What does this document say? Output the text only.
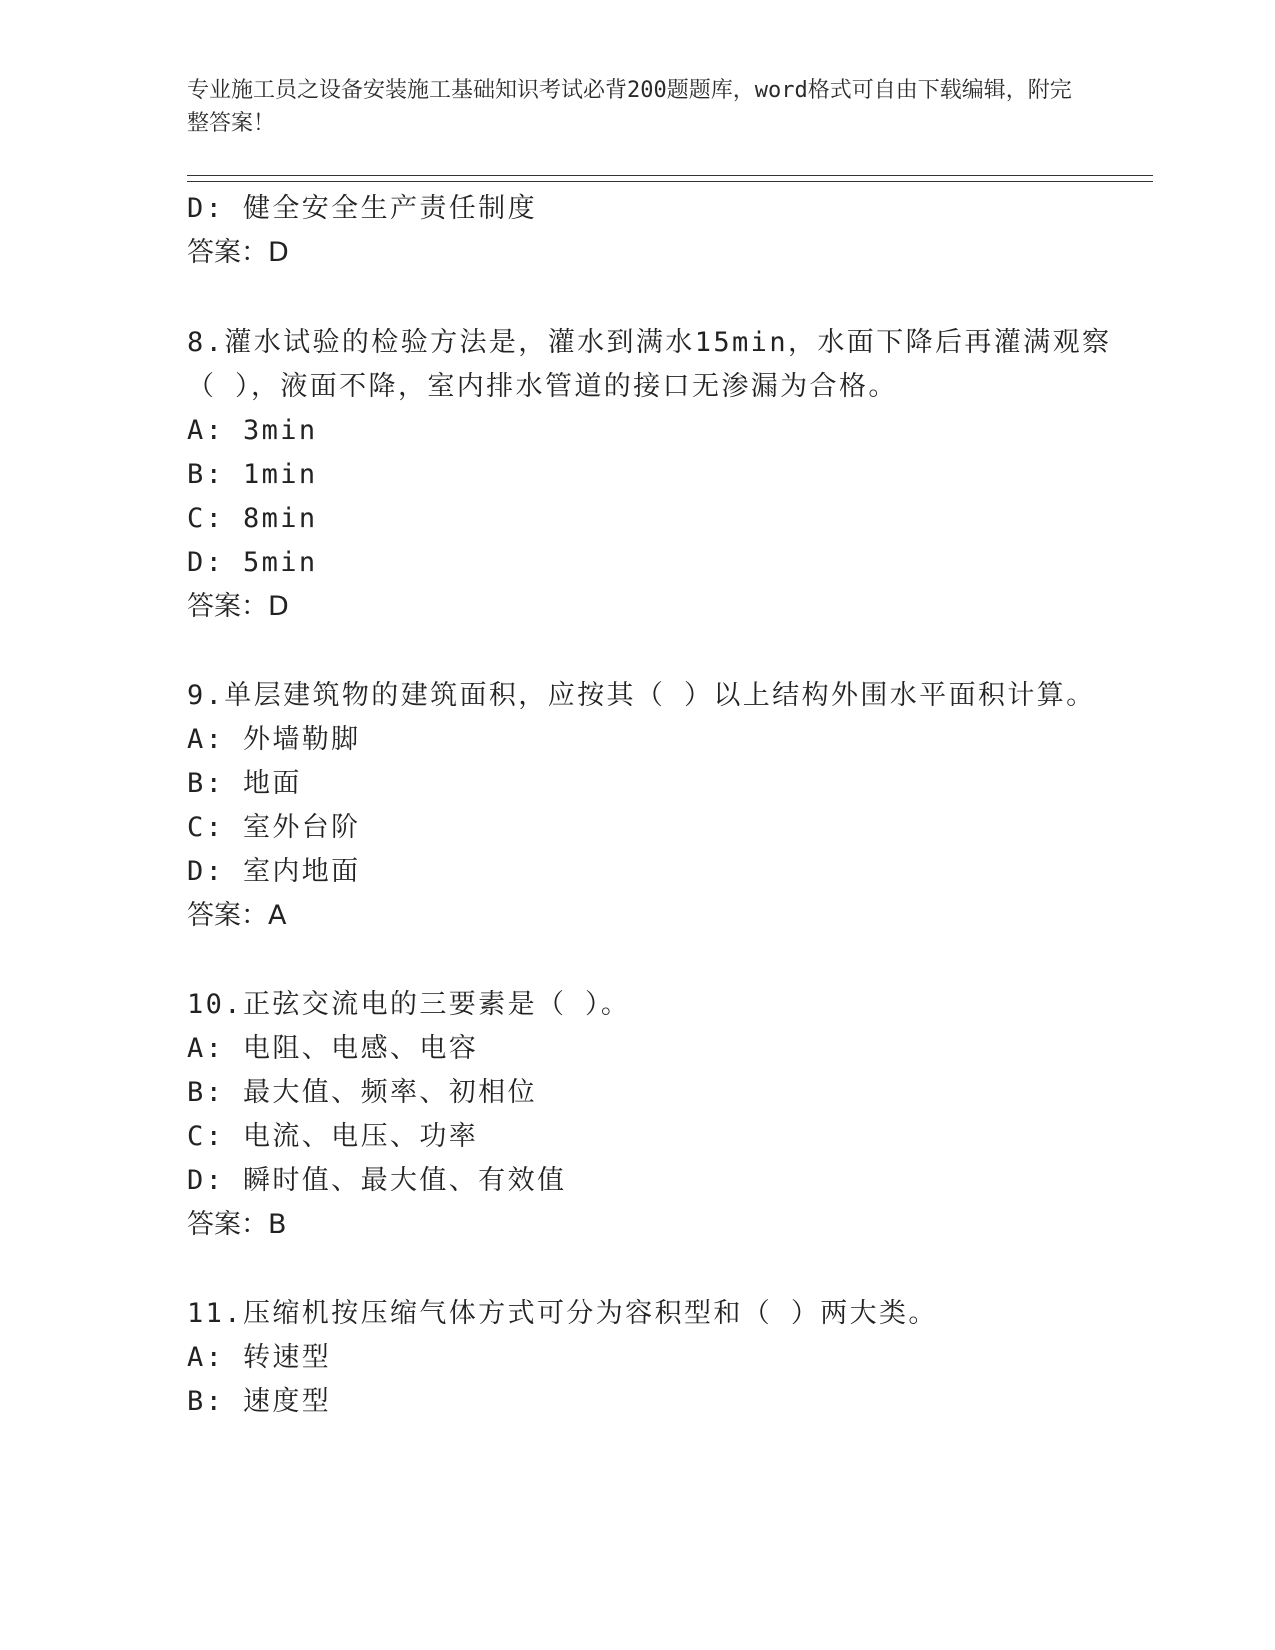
专业施工员之设备安装施工基础知识考试必背200题题库，word格式可自由下载编辑，附完整答案！
D: 健全安全生产责任制度
答案：D
8.灌水试验的检验方法是，灌水到满水15min，水面下降后再灌满观察
（ ），液面不降，室内排水管道的接口无渗漏为合格。
A: 3min
B: 1min
C: 8min
D: 5min
答案：D
9.单层建筑物的建筑面积，应按其（ ）以上结构外围水平面积计算。
A: 外墙勒脚
B: 地面
C: 室外台阶
D: 室内地面
答案：A
10.正弦交流电的三要素是（ ）。
A: 电阻、电感、电容
B: 最大值、频率、初相位
C: 电流、电压、功率
D: 瞬时值、最大值、有效值
答案：B
11.压缩机按压缩气体方式可分为容积型和（ ）两大类。
A: 转速型
B: 速度型
